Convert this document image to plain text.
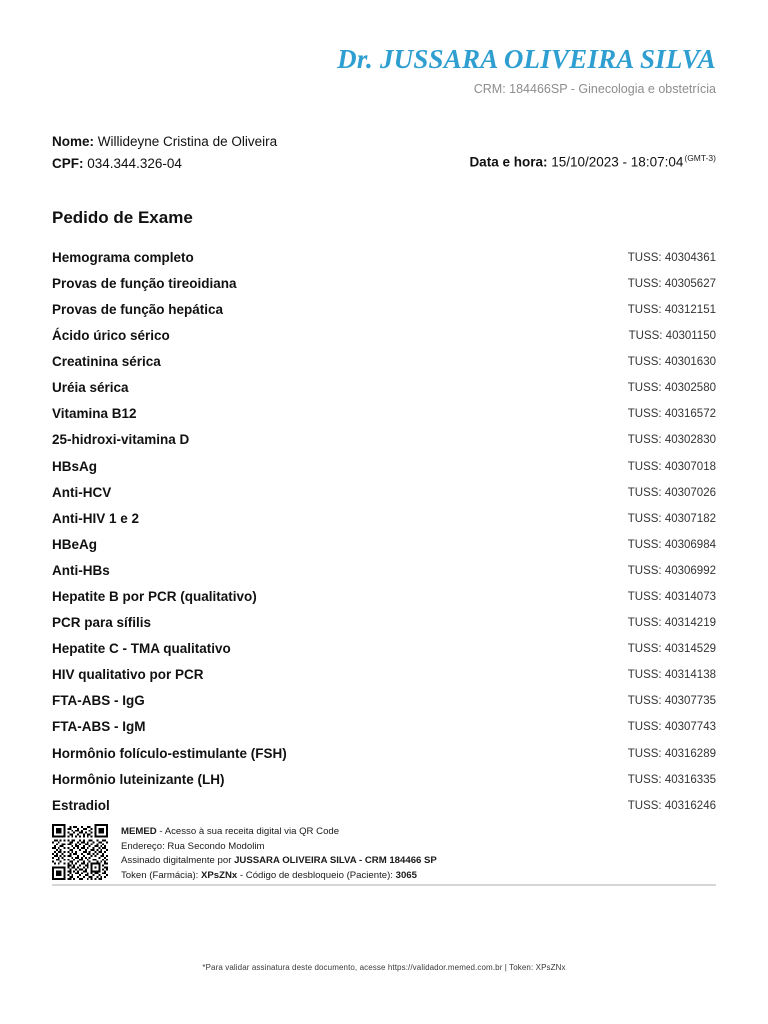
Dr. JUSSARA OLIVEIRA SILVA
CRM: 184466SP - Ginecologia e obstetrícia
Nome: Willideyne Cristina de Oliveira
CPF: 034.344.326-04	Data e hora: $15/10/2023 - 18:07:04^{(GMT-3)}$
Pedido de Exame
Hemograma completo	TUSS: 40304361
Provas de função tireoidiana	TUSS: 40305627
Provas de função hepática	TUSS: 40312151
Ácido úrico sérico	TUSS: 40301150
Creatinina sérica	TUSS: 40301630
Uréia sérica	TUSS: 40302580
Vitamina B12	TUSS: 40316572
25-hidroxi-vitamina D	TUSS: 40302830
HBsAg	TUSS: 40307018
Anti-HCV	TUSS: 40307026
Anti-HIV 1 e 2	TUSS: 40307182
HBeAg	TUSS: 40306984
Anti-HBs	TUSS: 40306992
Hepatite B por PCR (qualitativo)	TUSS: 40314073
PCR para sífilis	TUSS: 40314219
Hepatite C - TMA qualitativo	TUSS: 40314529
HIV qualitativo por PCR	TUSS: 40314138
FTA-ABS - IgG	TUSS: 40307735
FTA-ABS - IgM	TUSS: 40307743
Hormônio folículo-estimulante (FSH)	TUSS: 40316289
Hormônio luteinizante (LH)	TUSS: 40316335
Estradiol	TUSS: 40316246
MEMED - Acesso à sua receita digital via QR Code
Endereço: Rua Secondo Modolim
Assinado digitalmente por JUSSARA OLIVEIRA SILVA - CRM 184466 SP
Token (Farmácia): XPsZNx - Código de desbloqueio (Paciente): 3065
*Para validar assinatura deste documento, acesse https://validador.memed.com.br | Token: XPsZNx
